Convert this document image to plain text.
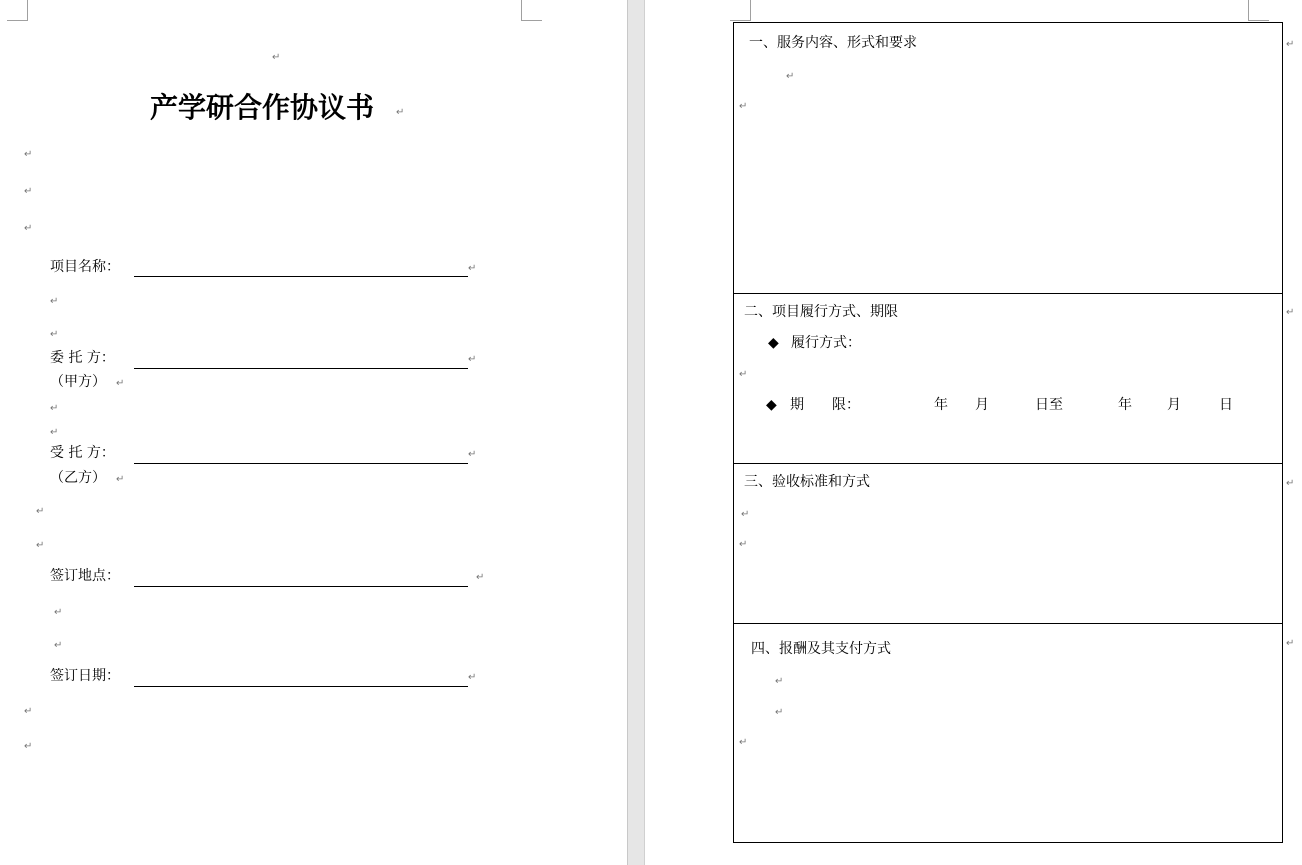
↵
产学研合作协议书 ↵
↵
↵
↵
项目名称：	↵
↵
↵
委 托 方：	↵
（甲方） ↵
↵
↵
受 托 方：	↵
（乙方） ↵
↵
↵
签订地点：	↵
↵
↵
签订日期：	↵
↵
↵
一、服务内容、形式和要求
↵
↵
二、项目履行方式、期限
◆ 履行方式：
↵
◆ 期　　限：	年 月	日至	年	月	日
三、验收标准和方式
↵
↵
四、报酬及其支付方式
↵
↵
↵
↵
↵
↵
↵
